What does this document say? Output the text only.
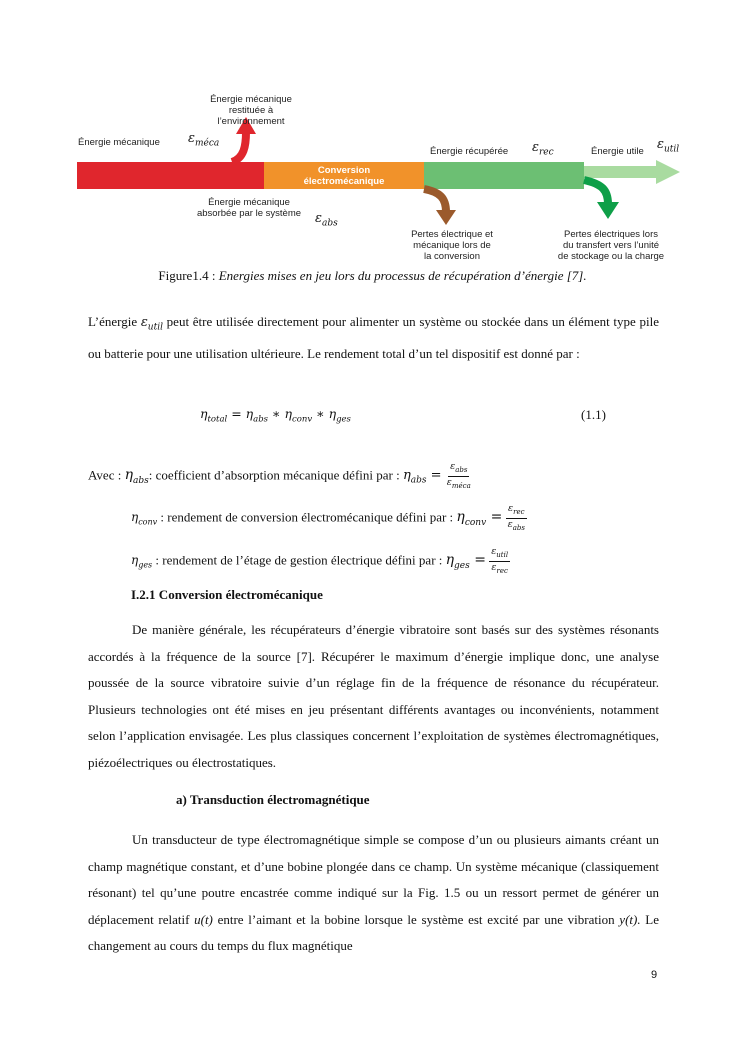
Énergie mécanique
restituée à l’environnement
Énergie mécanique $\varepsilon_{méca}$
Conversion
électromécanique
Énergie mécanique
absorbée par le système	$\varepsilon_{abs}$
Énergie récupérée $\varepsilon_{rec}$	Énergie utile $\varepsilon_{util}$
Pertes électrique et
mécanique lors de
la conversion
Pertes électriques lors
du transfert vers l’unité
de stockage ou la charge
Figure1.4 : Energies mises en jeu lors du processus de récupération d’énergie [7].
L’énergie $\varepsilon_{util}$ peut être utilisée directement pour alimenter un système ou stockée dans un élément type pile ou batterie pour une utilisation ultérieure. Le rendement total d’un tel dispositif est donné par :
$\eta_{total} = \eta_{abs}$ ∗ $\eta_{conv}$ ∗ $\eta_{ges}$	(1.1)
Avec : $\eta_{abs}$: coefficient d’absorption mécanique défini par : $\eta_{abs} = \frac{\varepsilon_{abs}}{\varepsilon_{méca}}$
$\eta_{conv}$ : rendement de conversion électromécanique défini par : $\eta_{conv} = \frac{\varepsilon_{rec}}{\varepsilon_{abs}}$
$\eta_{ges}$ : rendement de l’étage de gestion électrique défini par : $\eta_{ges} = \frac{\varepsilon_{util}}{\varepsilon_{rec}}$
I.2.1 Conversion électromécanique
De manière générale, les récupérateurs d’énergie vibratoire sont basés sur des systèmes résonants accordés à la fréquence de la source [7]. Récupérer le maximum d’énergie implique donc, une analyse poussée de la source vibratoire suivie d’un réglage fin de la fréquence de résonance du récupérateur. Plusieurs technologies ont été mises en jeu présentant différents avantages ou inconvénients, notamment selon l’application envisagée. Les plus classiques concernent l’exploitation de systèmes électromagnétiques, piézoélectriques ou électrostatiques.
a) Transduction électromagnétique
Un transducteur de type électromagnétique simple se compose d’un ou plusieurs aimants créant un champ magnétique constant, et d’une bobine plongée dans ce champ. Un système mécanique (classiquement résonant) tel qu’une poutre encastrée comme indiqué sur la Fig. 1.5 ou un ressort permet de générer un déplacement relatif u(t) entre l’aimant et la bobine lorsque le système est excité par une vibration y(t). Le changement au cours du temps du flux magnétique
9
